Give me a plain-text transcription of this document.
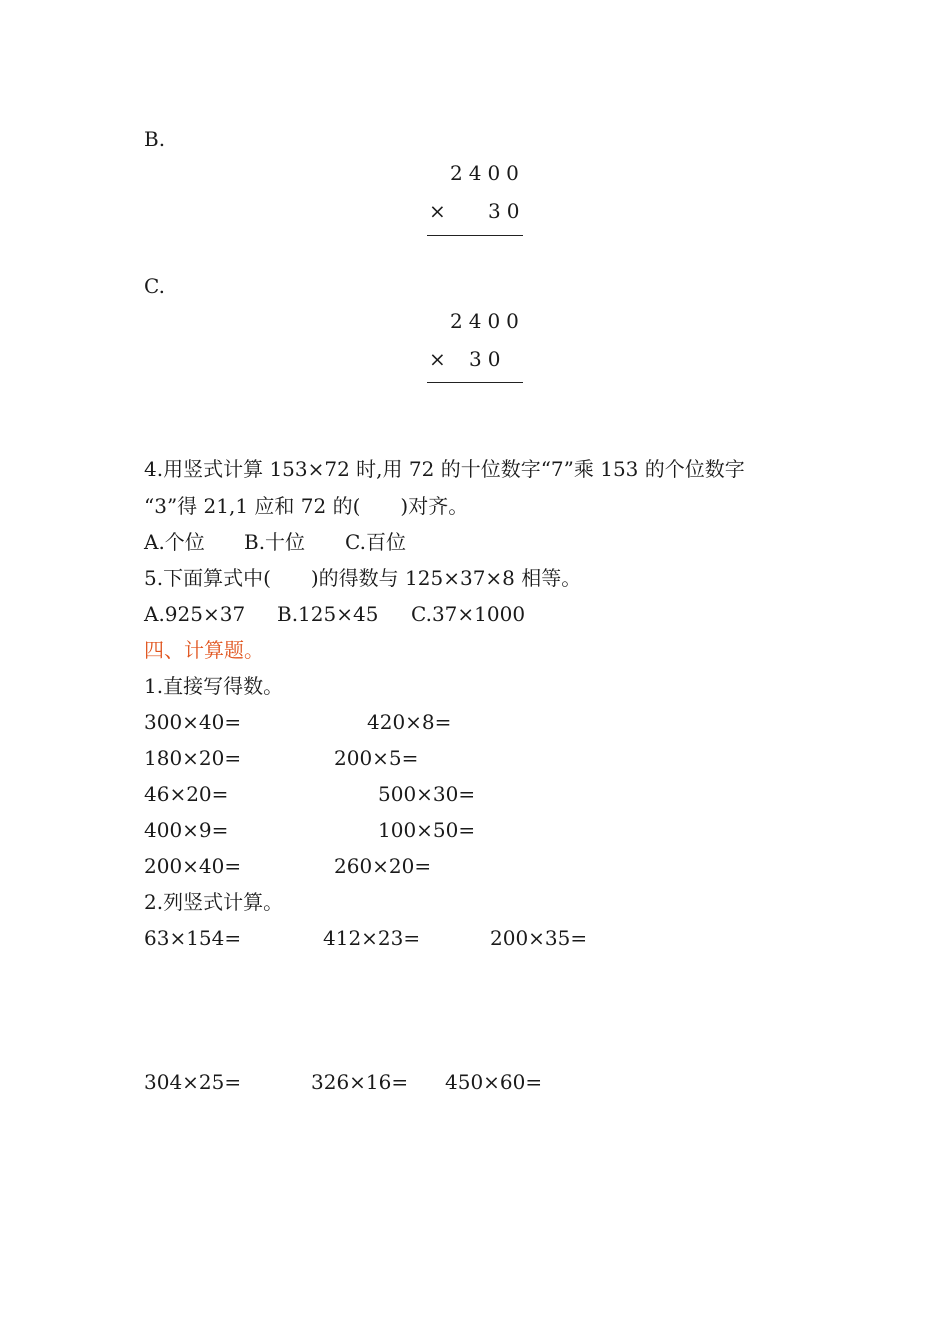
B.
2400
× 30
C.
2400
× 30
4.用竖式计算 153×72 时,用 72 的十位数字“7”乘 153 的个位数字
“3”得 21,1 应和 72 的(　　)对齐。
A.个位 B.十位 C.百位
5.下面算式中(　　)的得数与 125×37×8 相等。
A.925×37 B.125×45 C.37×1000
四、计算题。
1.直接写得数。
300×40=	420×8=
180×20=	200×5=
46×20=	500×30=
400×9=	100×50=
200×40=	260×20=
2.列竖式计算。
63×154=	412×23=	200×35=
304×25=	326×16= 450×60=
